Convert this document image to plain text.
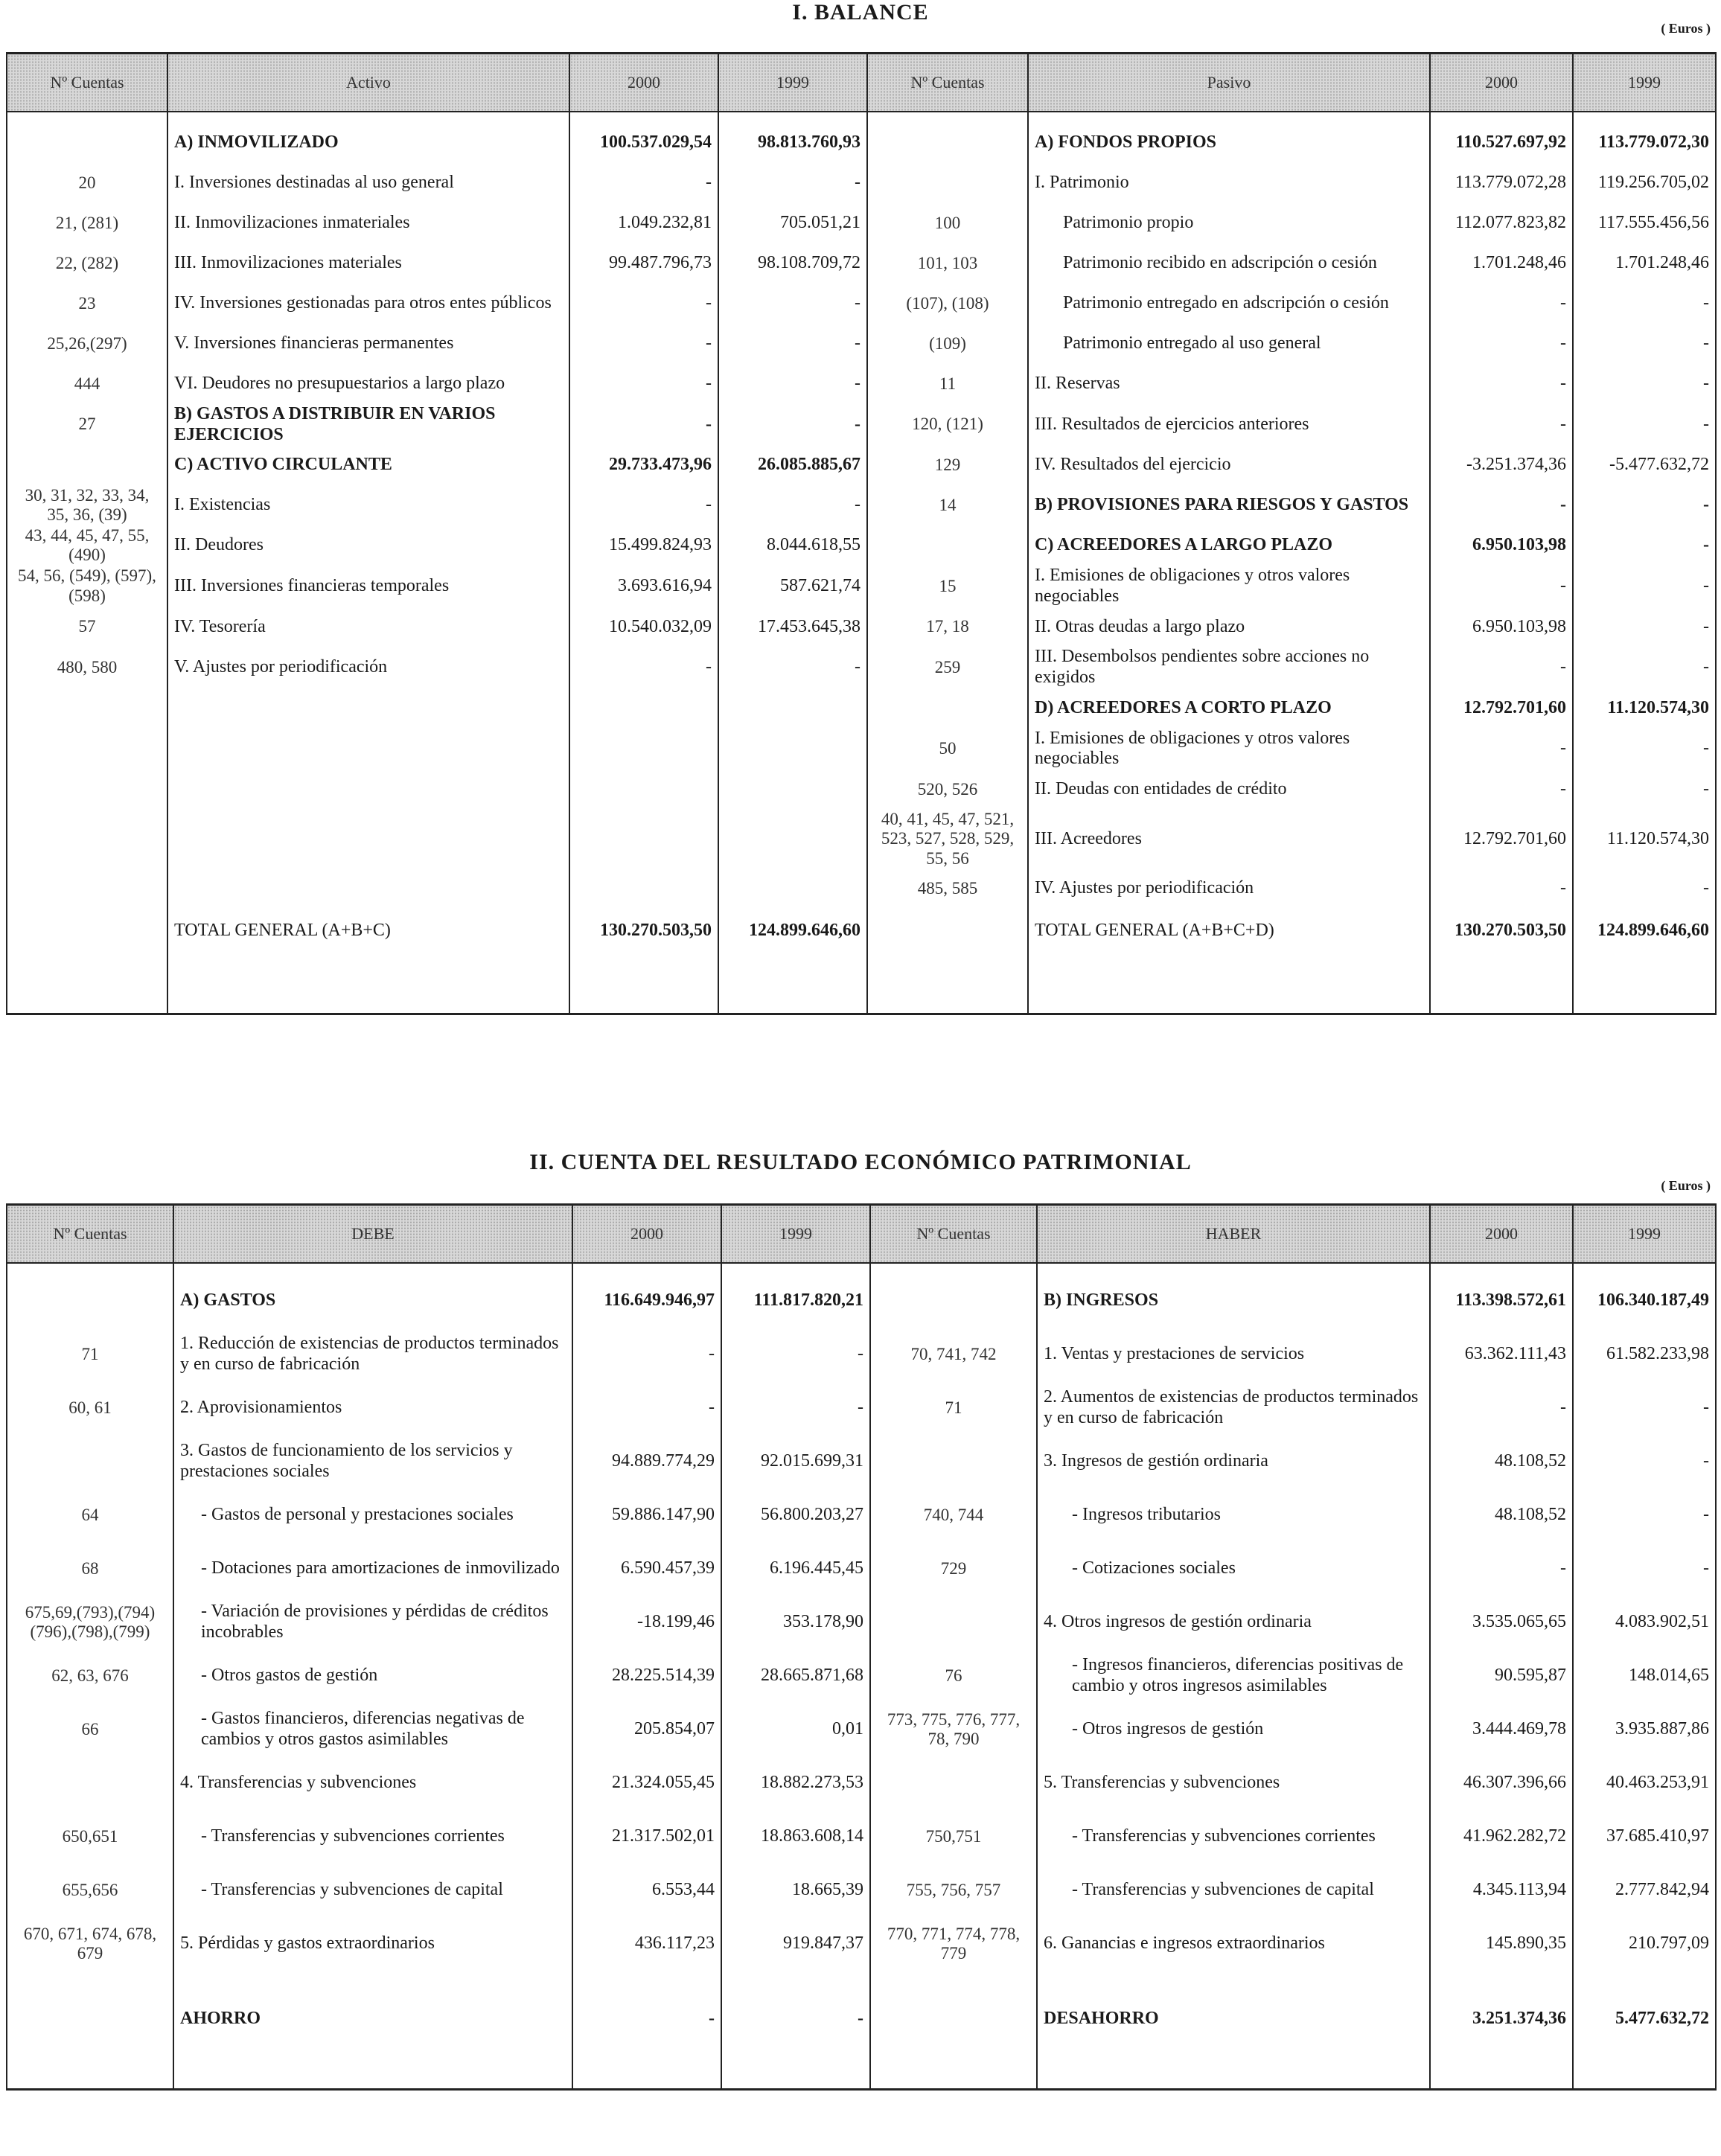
I. BALANCE
( Euros )
Nº Cuentas	Activo	2000	1999	Nº Cuentas	Pasivo	2000	1999

	A) INMOVILIZADO	100.537.029,54	98.813.760,93		A) FONDOS PROPIOS	110.527.697,92	113.779.072,30
20	I. Inversiones destinadas al uso general	-	-		I. Patrimonio	113.779.072,28	119.256.705,02
21, (281)	II. Inmovilizaciones inmateriales	1.049.232,81	705.051,21	100	Patrimonio propio	112.077.823,82	117.555.456,56
22, (282)	III. Inmovilizaciones materiales	99.487.796,73	98.108.709,72	101, 103	Patrimonio recibido en adscripción o cesión	1.701.248,46	1.701.248,46
23	IV. Inversiones gestionadas para otros entes públicos	-	-	(107), (108)	Patrimonio entregado en adscripción o cesión	-	-
25,26,(297)	V. Inversiones financieras permanentes	-	-	(109)	Patrimonio entregado al uso general	-	-
444	VI. Deudores no presupuestarios a largo plazo	-	-	11	II. Reservas	-	-
27	B) GASTOS A DISTRIBUIR EN VARIOS EJERCICIOS	-	-	120, (121)	III. Resultados de ejercicios anteriores	-	-
	C) ACTIVO CIRCULANTE	29.733.473,96	26.085.885,67	129	IV. Resultados del ejercicio	-3.251.374,36	-5.477.632,72
30, 31, 32, 33, 34, 35, 36, (39)	I. Existencias	-	-	14	B) PROVISIONES PARA RIESGOS Y GASTOS	-	-
43, 44, 45, 47, 55, (490)	II. Deudores	15.499.824,93	8.044.618,55		C) ACREEDORES A LARGO PLAZO	6.950.103,98	-
54, 56, (549), (597), (598)	III. Inversiones financieras temporales	3.693.616,94	587.621,74	15	I. Emisiones de obligaciones y otros valores negociables	-	-
57	IV. Tesorería	10.540.032,09	17.453.645,38	17, 18	II. Otras deudas a largo plazo	6.950.103,98	-
480, 580	V. Ajustes por periodificación	-	-	259	III. Desembolsos pendientes sobre acciones no exigidos	-	-
					D) ACREEDORES A CORTO PLAZO	12.792.701,60	11.120.574,30
				50	I. Emisiones de obligaciones y otros valores negociables	-	-
				520, 526	II. Deudas con entidades de crédito	-	-
				40, 41, 45, 47, 521, 523, 527, 528, 529, 55, 56	III. Acreedores	12.792.701,60	11.120.574,30
				485, 585	IV. Ajustes por periodificación	-	-
	TOTAL GENERAL (A+B+C)	130.270.503,50	124.899.646,60		TOTAL GENERAL (A+B+C+D)	130.270.503,50	124.899.646,60

II. CUENTA DEL RESULTADO ECONÓMICO PATRIMONIAL
( Euros )
Nº Cuentas	DEBE	2000	1999	Nº Cuentas	HABER	2000	1999

	A) GASTOS	116.649.946,97	111.817.820,21		B) INGRESOS	113.398.572,61	106.340.187,49
71	1. Reducción de existencias de productos terminados y en curso de fabricación	-	-	70, 741, 742	1. Ventas y prestaciones de servicios	63.362.111,43	61.582.233,98
60, 61	2. Aprovisionamientos	-	-	71	2. Aumentos de existencias de productos terminados y en curso de fabricación	-	-
	3. Gastos de funcionamiento de los servicios y prestaciones sociales	94.889.774,29	92.015.699,31		3. Ingresos de gestión ordinaria	48.108,52	-
64	- Gastos de personal y prestaciones sociales	59.886.147,90	56.800.203,27	740, 744	- Ingresos tributarios	48.108,52	-
68	- Dotaciones para amortizaciones de inmovilizado	6.590.457,39	6.196.445,45	729	- Cotizaciones sociales	-	-
675,69,(793),(794) (796),(798),(799)	- Variación de provisiones y pérdidas de créditos incobrables	-18.199,46	353.178,90		4. Otros ingresos de gestión ordinaria	3.535.065,65	4.083.902,51
62, 63, 676	- Otros gastos de gestión	28.225.514,39	28.665.871,68	76	- Ingresos financieros, diferencias positivas de cambio y otros ingresos asimilables	90.595,87	148.014,65
66	- Gastos financieros, diferencias negativas de cambios y otros gastos asimilables	205.854,07	0,01	773, 775, 776, 777, 78, 790	- Otros ingresos de gestión	3.444.469,78	3.935.887,86
	4. Transferencias y subvenciones	21.324.055,45	18.882.273,53		5. Transferencias y subvenciones	46.307.396,66	40.463.253,91
650,651	- Transferencias y subvenciones corrientes	21.317.502,01	18.863.608,14	750,751	- Transferencias y subvenciones corrientes	41.962.282,72	37.685.410,97
655,656	- Transferencias y subvenciones de capital	6.553,44	18.665,39	755, 756, 757	- Transferencias y subvenciones de capital	4.345.113,94	2.777.842,94
670, 671, 674, 678, 679	5. Pérdidas y gastos extraordinarios	436.117,23	919.847,37	770, 771, 774, 778, 779	6. Ganancias e ingresos extraordinarios	145.890,35	210.797,09
	AHORRO	-	-		DESAHORRO	3.251.374,36	5.477.632,72
